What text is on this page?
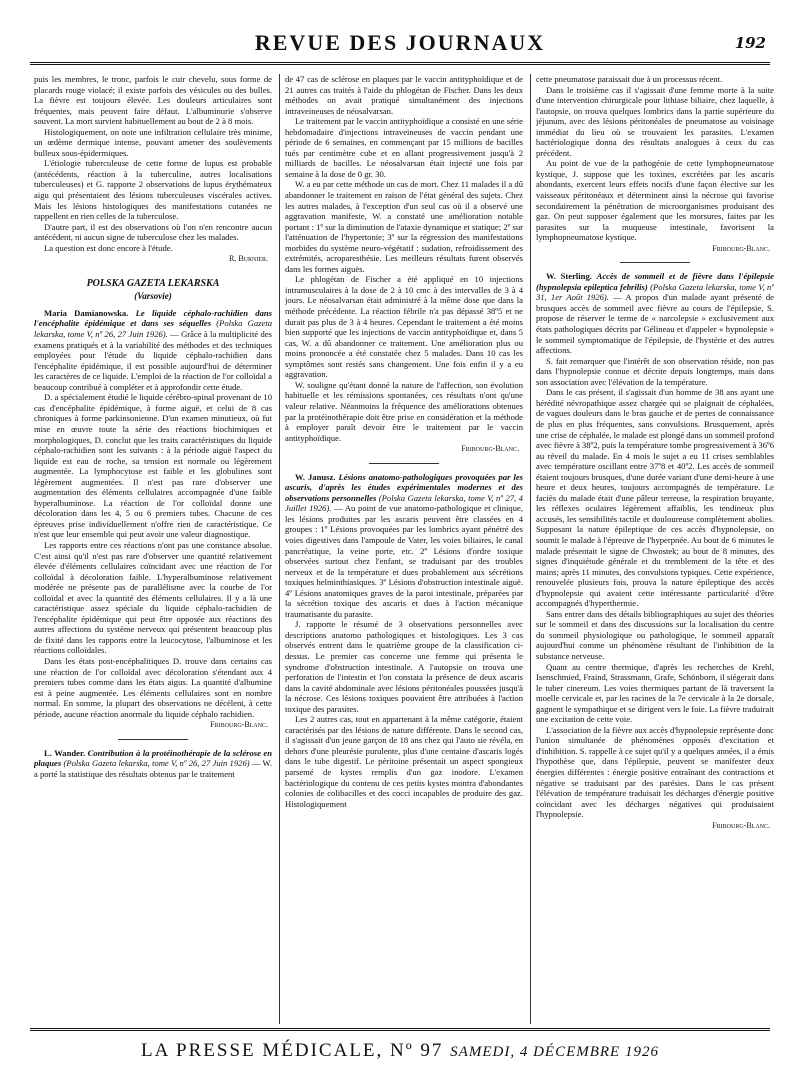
REVUE DES JOURNAUX	192

puis les membres, le tronc, parfois le cuir chevelu, sous forme de placards rouge violacé; il existe parfois des vésicules ou des bulles. La fièvre est toujours élevée. Les douleurs articulaires sont fréquentes, mais peuvent faire défaut. L'albuminurie s'observe souvent. La mort survient habituellement au bout de 2 à 8 mois.

Histologiquement, on note une infiltration cellulaire très minime, un œdème dermique intense, pouvant amener des soulèvements bulleux sous-épidermiques.

L'étiologie tuberculeuse de cette forme de lupus est probable (antécédents, réaction à la tuberculine, autres localisations tuberculeuses) et G. rapporte 2 observations de lupus érythémateux aigu qui présentaient des lésions tuberculeuses viscérales actives. Mais les lésions histologiques des manifestations cutanées ne rappellent en rien celles de la tuberculose.

D'autre part, il est des observations où l'on n'en rencontre aucun antécédent, ni aucun signe de tuberculose chez les malades.

La question est donc encore à l'étude.

R. Burnier.
POLSKA GAZETA LEKARSKA
(Varsovie)

Maria Damianowska. Le liquide céphalo-rachidien dans l'encéphalite épidémique et dans ses séquelles (Polska Gazeta lekarska, tome V, nº 26, 27 Juin 1926). — Grâce à la multiplicité des examens pratiqués et à la variabilité des méthodes et des techniques employées pour l'étude du liquide céphalo-rachidien dans l'encéphalite épidémique, il est possible aujourd'hui de déterminer les caractères de ce liquide. L'emploi de la réaction de l'or colloïdal a beaucoup contribué à compléter et à approfondir cette étude.

D. a spécialement étudié le liquide cérébro-spinal provenant de 10 cas d'encéphalite épidémique, à forme aiguë, et celui de 8 cas chroniques à forme parkinsonienne. D'un examen minutieux, où fut mise en œuvre toute la série des réactions biochimiques et morphologiques, D. conclut que les traits caractéristiques du liquide céphalo-rachidien sont les suivants : à la période aiguë l'aspect du liquide est eau de roche, sa tension est normale ou légèrement augmentée. La lymphocytose est faible et les globulines sont légèrement augmentées. Il n'est pas rare d'observer une augmentation des éléments cellulaires accompagnée d'une faible hyperalbuminose. La réaction de l'or colloïdal donne une décoloration dans les 4, 5 ou 6 premiers tubes. Chacune de ces épreuves prise individuellement n'offre rien de caractéristique. Ce n'est que leur ensemble qui peut avoir une valeur diagnostique.

Les rapports entre ces réactions n'ont pas une constance absolue. C'est ainsi qu'il n'est pas rare d'observer une quantité relativement élevée d'éléments cellulaires coïncidant avec une réaction de l'or colloïdal à décoloration faible. L'hyperalbuminose relativement modérée ne présente pas de parallélisme avec la courbe de l'or colloïdal et avec la quantité des éléments cellulaires. Il y a là une caractéristique assez spéciale du liquide céphalo-rachidien de l'encéphalite épidémique qui peut être opposée aux réactions des autres affections du système nerveux qui présentent beaucoup plus de fixité dans les rapports entre la leucocytose, l'albuminose et les réactions colloïdales.

Dans les états post-encéphalitiques D. trouve dans certains cas une réaction de l'or colloïdal avec décoloration s'étendant aux 4 premiers tubes comme dans les états aigus. La quantité d'albumine est à peine augmentée. Les éléments cellulaires sont en nombre normal. En somme, la plupart des observations ne décèlent, à cette période, aucune réaction anormale du liquide céphalo rachidien.

Fribourg-Blanc.

L. Wander. Contribution à la protéinothérapie de la sclérose en plaques (Polska Gazeta lekarska, tome V, nº 26, 27 Juin 1926) — W. a porté la statistique des résultats obtenus par le traitement

de 47 cas de sclérose en plaques par le vaccin antityphoïdique et de 21 autres cas traités à l'aide du phlogétan de Fischer. Dans les deux méthodes on avait pratiqué simultanément des injections intraveineuses de néosalvarsan.

Le traitement par le vaccin antityphoïdique a consisté en une série hebdomadaire d'injections intraveineuses de vaccin pendant une période de 6 semaines, en commençant par 15 millions de bacilles tués par centimètre cube et en allant progressivement jusqu'à 2 milliards de bacilles. Le néosalvarsan était injecté une fois par semaine à la dose de 0 gr. 30.

W. a eu par cette méthode un cas de mort. Chez 11 malades il a dû abandonner le traitement en raison de l'état général des sujets. Chez les autres malades, à l'exception d'un seul cas où il a observé une aggravation manifeste, W. a constaté une amélioration notable portant : 1º sur la diminution de l'ataxie dynamique et statique; 2º sur l'atténuation de l'hypertonie; 3º sur la régression des manifestations morbides du système neuro-végétatif : sudation, refroidissement des extrémités, acroparesthésie. Les meilleurs résultats furent observés dans les formes aiguës.

Le phlogétan de Fischer a été appliqué en 10 injections intramusculaires à la dose de 2 à 10 cmc à des intervalles de 3 à 4 jours. Le néosalvarsan était administré à la même dose que dans la méthode précédente. La réaction fébrile n'a pas dépassé 38º5 et ne durait pas plus de 3 à 4 heures. Cependant le traitement a été moins bien supporté que les injections de vaccin antityphoïdique et, dans 5 cas, W. a dû abandonner ce traitement. Une amélioration plus ou moins prononcée a été constatée chez 5 malades. Dans 10 cas les symptômes sont restés sans changement. Une fois enfin il y a eu aggravation.

W. souligne qu'étant donné la nature de l'affection, son évolution habituelle et les rémissions spontanées, ces résultats n'ont qu'une valeur relative. Néanmoins la fréquence des améliorations obtenues par la protéinothérapie doit être prise en considération et la méthode à employer paraît devoir être le traitement par le vaccin antityphoïdique.

Fribourg-Blanc.

W. Janusz. Lésions anatomo-pathologiques provoquées par les ascaris, d'après les études expérimentales modernes et des observations personnelles (Polska Gazeta lekarska, tome V, nº 27, 4 Juillet 1926). — Au point de vue anatomo-pathologique et clinique, les lésions produites par les ascaris peuvent être classées en 4 groupes : 1º Lésions provoquées par les lombrics ayant pénétré des voies digestives dans l'ampoule de Vater, les voies biliaires, le canal pancréatique, la veine porte, etc. 2º Lésions d'ordre toxique observées surtout chez l'enfant, se traduisant par des troubles nerveux et de la température et dues probablement aux sécrétions toxiques helminthiasiques. 3º Lésions d'obstruction intestinale aiguë. 4º Lésions anatomiques graves de la paroi intestinale, préparées par la sécrétion toxique des ascaris et dues à l'action mécanique traumatisante du parasite.

J. rapporte le résumé de 3 observations personnelles avec descriptions anatomo pathologiques et histologiques. Les 3 cas observés entrent dans le quatrième groupe de la classification ci-dessus. Le premier cas concerne une femme qui présenta le syndrome d'obstruction intestinale. A l'autopsie on trouva une perforation de l'intestin et l'on constata la présence de deux ascaris dans la cavité abdominale avec lésions péritonéales poussées jusqu'à la nécrose. Ces lésions toxiques pouvaient être attribuées à l'action toxique des parasites.

Les 2 autres cas, tout en appartenant à la même catégorie, étaient caractérisés par des lésions de nature différente. Dans le second cas, il s'agissait d'un jeune garçon de 18 ans chez qui l'auto sie révéla, en dehors d'une pleurésie purulente, plus d'une centaine d'ascaris logés dans le tube digestif. Le péritoine présentait un aspect spongieux parsemé de kystes remplis d'un gaz inodore. L'examen bactériologique du contenu de ces petits kystes montra d'abondantes colonies de colibacilles et des cocci incapables de produire des gaz. Histologiquement

cette pneumatose paraissait due à un processus récent.

Dans le troisième cas il s'agissait d'une femme morte à la suite d'une intervention chirurgicale pour lithiase biliaire, chez laquelle, à l'autopsie, on trouva quelques lombrics dans la partie supérieure du jéjunum, avec des lésions péritonéales de pneumatose au voisinage immédiat du lieu où se trouvaient les parasites. L'examen bactériologique donna des résultats analogues à ceux du cas précédent.

Au point de vue de la pathogénie de cette lymphopneumatose kystique, J. suppose que les toxines, excrétées par les ascaris abondants, exercent leurs effets nocifs d'une façon élective sur les vaisseaux péritonéaux et déterminent ainsi la nécrose qui favorise secondairement la pénétration de microorganismes produisant des gaz. On peut supposer également que les morsures, faites par les parasites sur la muqueuse intestinale, favorisent la lymphopneumatose kystique.

Fribourg-Blanc.

W. Sterling. Accès de sommeil et de fièvre dans l'épilepsie (hypnolepsia epileptica febrilis) (Polska Gazeta lekarska, tome V, nº 31, 1er Août 1926). — A propos d'un malade ayant présenté de brusques accès de sommeil avec fièvre au cours de l'épilepsie, S. propose de réserver le terme de « narcolepsie » exclusivement aux états pathologiques décrits par Gélineau et d'appeler « hypnolepsie » le sommeil symptomatique de l'épilepsie, de l'hystérie et des autres affections.

S. fait remarquer que l'intérêt de son observation réside, non pas dans l'hypnolepsie connue et décrite depuis longtemps, mais dans son association avec l'élévation de la température.

Dans le cas présent, il s'agissait d'un homme de 38 ans ayant une hérédité névropathique assez chargée qui se plaignait de céphalées, de vagues douleurs dans le bras gauche et de pertes de connaissance de plus en plus fréquentes, sans convulsions. Brusquement, après une crise de céphalée, le malade est plongé dans un sommeil profond avec fièvre à 38º2, puis la température tombe progressivement à 36º6 au réveil du malade. En 4 mois le sujet a eu 11 crises semblables avec température oscillant entre 37º8 et 40º2. Les accès de sommeil étaient toujours brusques, d'une durée variant d'une demi-heure à une heure et deux heures, toujours accompagnés de température. Le faciès du malade était d'une pâleur terreuse, la respiration bruyante, les réflexes oculaires légèrement affaiblis, les tendineux plus accusés, les sensibilités tactile et douloureuse complètement abolies. Supposant la nature épileptique de ces accès d'hypnolepsie, on soumit le malade à l'épreuve de l'hyperpnée. Au bout de 6 minutes le malade présentait le signe de Chwostek; au bout de 8 minutes, des signes d'inquiétude générale et du tremblement de la tête et des mains; après 11 minutes, des convulsions typiques. Cette expérience, renouvelée plusieurs fois, prouva la nature épileptique des accès d'hypnolepsie qui avaient cette intéressante particularité d'être accompagnés d'hyperthermie.

Sans entrer dans des détails bibliographiques au sujet des théories sur le sommeil et dans des discussions sur la localisation du centre du sommeil physiologique ou pathologique, le sommeil apparaît aujourd'hui comme un phénomène résultant de l'inhibition de la substance nerveuse.

Quant au centre thermique, d'après les recherches de Krehl, Isenschmied, Fraind, Strassmann, Grafe, Schönborn, il siégerait dans le tuber cinereum. Les voies thermiques partant de là traversent la moelle cervicale et, par les racines de la 7e cervicale à la 2e dorsale, gagnent le sympathique et se dirigent vers le foie. La fièvre traduirait une excitation de cette voie.

L'association de la fièvre aux accès d'hypnolepsie représente donc l'union simultanée de phénomènes opposés d'excitation et d'inhibition. S. rappelle à ce sujet qu'il y a quelques années, il a émis l'hypothèse que, dans l'épilepsie, peuvent se manifester deux énergies différentes : énergie positive entraînant des contractions et négative se traduisant par des parésies. Dans le cas présent l'élévation de température traduisait les décharges d'énergie positive coïncidant avec les décharges négatives qui produisaient l'hypnolepsie.

Fribourg-Blanc.
LA PRESSE MÉDICALE, Nº 97 SAMEDI, 4 DÉCEMBRE 1926
